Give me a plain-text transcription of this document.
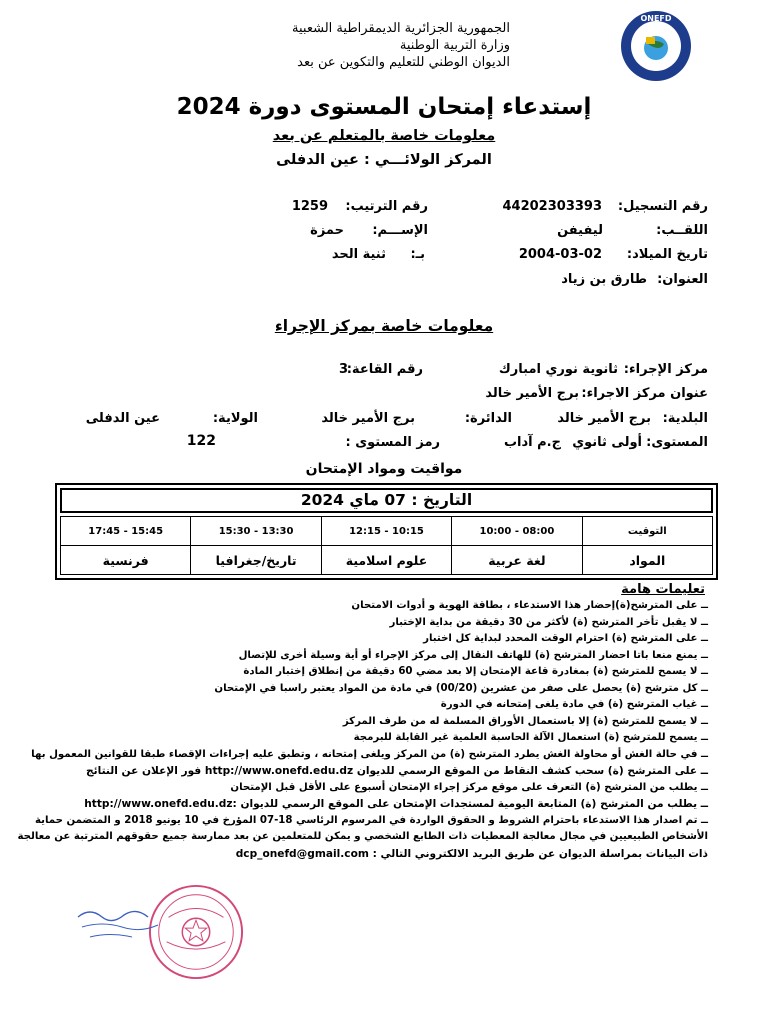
الجمهورية الجزائرية الديمقراطية الشعبية
وزارة التربية الوطنية
الديوان الوطني للتعليم والتكوين عن بعد
ONEFD
إستدعاء إمتحان المستوى دورة 2024
معلومات خاصة بالمتعلم عن بعد
المركز الولائـــي : عين الدفلى
رقم التسجيل:
44202303393
رقم الترتيب:
1259
اللقــب:
ليفيفن
الإســـم:
حمزة
تاريخ الميلاد:
2004-03-02
بـ:
ثنية الحد
العنوان:
طارق بن زياد
معلومات خاصة بمركز الإجراء
مركز الإجراء:
ثانوية نوري امبارك
رقم القاعة:
3
عنوان مركز الاجراء:
برج الأمير خالد
البلدية:
برج الأمير خالد
الدائرة:
برج الأمير خالد
الولاية:
عين الدفلى
المستوى:
أولى ثانوي
ج.م آداب
رمز المستوى :
122
مواقيت ومواد الإمتحان
التاريخ : 07 ماي 2024
التوقيت
10:00 - 08:00
12:15 - 10:15
15:30 - 13:30
17:45 - 15:45
المواد
لغة عربية
علوم اسلامية
تاريخ/جغرافيا
فرنسية
تعليمات هامة

ــ على المترشح(ة)إحضار هذا الاستدعاء ، بطاقة الهوية و أدوات الامتحان

ــ لا يقبل تأخر المترشح (ة) لأكثر من 30 دقيقة من بداية الإختبار

ــ على المترشح (ة) احترام الوقت المحدد لبداية كل اختبار

ــ يمنع منعا باتا احضار المترشح (ة) للهاتف النقال إلى مركز الإجراء أو أية وسيلة أخرى للإتصال

ــ لا يسمح للمترشح (ة) بمغادرة قاعة الإمتحان إلا بعد مضي 60 دقيقة من إنطلاق إختبار المادة

ــ كل مترشح (ة) يحصل على صفر من عشرين (00/20) في مادة من المواد يعتبر راسبا في الإمتحان

ــ غياب المترشح (ة) في مادة يلغى إمتحانه في الدورة

ــ لا يسمح للمترشح (ة) إلا باستعمال الأوراق المسلمة له من طرف المركز

ــ يسمح للمترشح (ة) استعمال الآلة الحاسبة العلمية غير القابلة للبرمجة

ــ في حالة الغش أو محاولة الغش يطرد المترشح (ة) من المركز ويلغى إمتحانه ، وتطبق عليه إجراءات الإقصاء طبقا للقوانين المعمول بها

ــ على المترشح (ة) سحب كشف النقاط من الموقع الرسمي للديوان http://www.onefd.edu.dz فور الإعلان عن النتائج

ــ يطلب من المترشح (ة) التعرف على موقع مركز إجراء الإمتحان أسبوع على الأقل قبل الإمتحان

ــ يطلب من المترشح (ة) المتابعة اليومية لمستجدات الإمتحان على الموقع الرسمي للديوان :http://www.onefd.edu.dz

ــ تم اصدار هذا الاستدعاء باحترام الشروط و الحقوق الواردة في المرسوم الرئاسي 18-07 المؤرخ في 10 يونيو 2018 و المتضمن حماية

الأشخاص الطبيعيين في مجال معالجة المعطيات ذات الطابع الشخصي و يمكن للمتعلمين عن بعد ممارسة جميع حقوقهم المترتبة عن معالجة

ذات البيانات بمراسلة الديوان عن طريق البريد الالكتروني التالي : dcp_onefd@gmail.com
